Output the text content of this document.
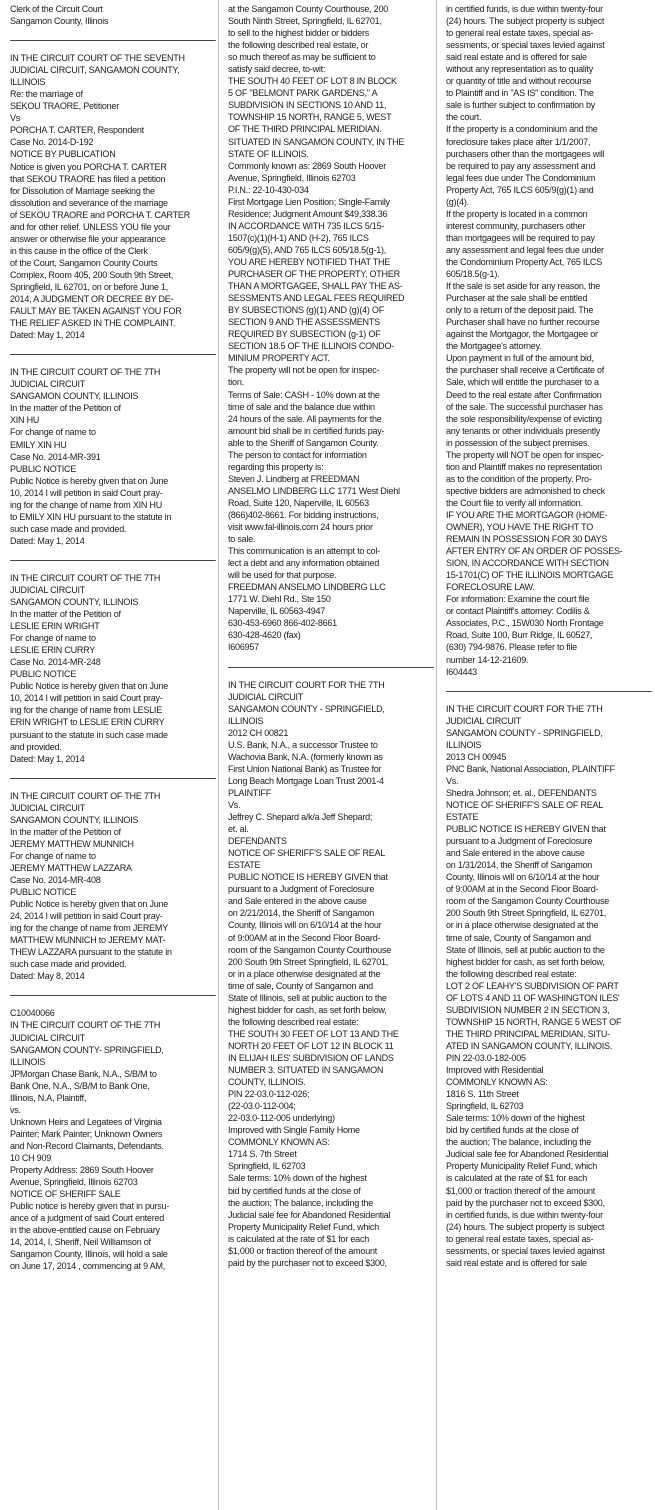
Clerk of the Circuit Court
Sangamon County, Illinois
IN THE CIRCUIT COURT OF THE SEVENTH
JUDICIAL CIRCUIT, SANGAMON COUNTY,
ILLINOIS
Re: the marriage of
SEKOU TRAORE, Petitioner
Vs
PORCHA T. CARTER, Respondent
Case No. 2014-D-192
NOTICE BY PUBLICATION
Notice is given you PORCHA T. CARTER
that SEKOU TRAORE has filed a petition
for Dissolution of Marriage seeking the
dissolution and severance of the marriage
of SEKOU TRAORE and PORCHA T. CARTER
and for other relief. UNLESS YOU file your
answer or otherwise file your appearance
in this cause in the office of the Clerk
of the Court, Sangamon County Courts
Complex, Room 405, 200 South 9th Street,
Springfield, IL 62701, on or before June 1,
2014, A JUDGMENT OR DECREE BY DE-
FAULT MAY BE TAKEN AGAINST YOU FOR
THE RELIEF ASKED IN THE COMPLAINT.
Dated: May 1, 2014
IN THE CIRCUIT COURT OF THE 7TH
JUDICIAL CIRCUIT
SANGAMON COUNTY, ILLINOIS
In the matter of the Petition of
XIN HU
For change of name to
EMILY XIN HU
Case No. 2014-MR-391
PUBLIC NOTICE
Public Notice is hereby given that on June
10, 2014 I will petition in said Court pray-
ing for the change of name from XIN HU
to EMILY XIN HU pursuant to the statute in
such case made and provided.
Dated: May 1, 2014
IN THE CIRCUIT COURT OF THE 7TH
JUDICIAL CIRCUIT
SANGAMON COUNTY, ILLINOIS
In the matter of the Petition of
LESLIE ERIN WRIGHT
For change of name to
LESLIE ERIN CURRY
Case No. 2014-MR-248
PUBLIC NOTICE
Public Notice is hereby given that on June
10, 2014 I will petition in said Court pray-
ing for the change of name from LESLIE
ERIN WRIGHT to LESLIE ERIN CURRY
pursuant to the statute in such case made
and provided.
Dated: May 1, 2014
IN THE CIRCUIT COURT OF THE 7TH
JUDICIAL CIRCUIT
SANGAMON COUNTY, ILLINOIS
In the matter of the Petition of
JEREMY MATTHEW MUNNICH
For change of name to
JEREMY MATTHEW LAZZARA
Case No. 2014-MR-408
PUBLIC NOTICE
Public Notice is hereby given that on June
24, 2014 I will petition in said Court pray-
ing for the change of name from JEREMY
MATTHEW MUNNICH to JEREMY MAT-
THEW LAZZARA pursuant to the statute in
such case made and provided.
Dated: May 8, 2014
C10040066
IN THE CIRCUIT COURT OF THE 7TH
JUDICIAL CIRCUIT
SANGAMON COUNTY- SPRINGFIELD,
ILLINOIS
JPMorgan Chase Bank, N.A., S/B/M to
Bank One, N.A., S/B/M to Bank One,
Illinois, N.A, Plaintiff,
vs.
Unknown Heirs and Legatees of Virginia
Painter; Mark Painter; Unknown Owners
and Non-Record Claimants, Defendants.
10 CH 909
Property Address: 2869 South Hoover
Avenue, Springfield, Illinois 62703
NOTICE OF SHERIFF SALE
Public notice is hereby given that in pursu-
ance of a judgment of said Court entered
in the above-entitled cause on February
14, 2014, I, Sheriff, Neil Williamson of
Sangamon County, Illinois, will hold a sale
on June 17, 2014 , commencing at 9 AM,
at the Sangamon County Courthouse, 200
South Ninth Street, Springfield, IL 62701,
to sell to the highest bidder or bidders
the following described real estate, or
so much thereof as may be sufficient to
satisfy said decree, to-wit:
THE SOUTH 40 FEET OF LOT 8 IN BLOCK
5 OF "BELMONT PARK GARDENS," A
SUBDIVISION IN SECTIONS 10 AND 11,
TOWNSHIP 15 NORTH, RANGE 5, WEST
OF THE THIRD PRINCIPAL MERIDIAN.
SITUATED IN SANGAMON COUNTY, IN THE
STATE OF ILLINOIS.
Commonly known as: 2869 South Hoover
Avenue, Springfield, Illinois 62703
P.I.N.: 22-10-430-034
First Mortgage Lien Position; Single-Family
Residence; Judgment Amount $49,338.36
IN ACCORDANCE WITH 735 ILCS 5/15-
1507(c)(1)(H-1) AND (H-2), 765 ILCS
605/9(g)(5), AND 765 ILCS 605/18.5(g-1),
YOU ARE HEREBY NOTIFIED THAT THE
PURCHASER OF THE PROPERTY, OTHER
THAN A MORTGAGEE, SHALL PAY THE AS-
SESSMENTS AND LEGAL FEES REQUIRED
BY SUBSECTIONS (g)(1) AND (g)(4) OF
SECTION 9 AND THE ASSESSMENTS
REQUIRED BY SUBSECTION (g-1) OF
SECTION 18.5 OF THE ILLINOIS CONDO-
MINIUM PROPERTY ACT.
The property will not be open for inspec-
tion.
Terms of Sale: CASH - 10% down at the
time of sale and the balance due within
24 hours of the sale. All payments for the
amount bid shall be in certified funds pay-
able to the Sheriff of Sangamon County.
The person to contact for information
regarding this property is:
Steven J. Lindberg at FREEDMAN
ANSELMO LINDBERG LLC 1771 West Diehl
Road, Suite 120, Naperville, IL 60563
(866)402-8661. For bidding instructions,
visit www.fal-illinois.com 24 hours prior
to sale.
This communication is an attempt to col-
lect a debt and any information obtained
will be used for that purpose.
FREEDMAN ANSELMO LINDBERG LLC
1771 W. Diehl Rd., Ste 150
Naperville, IL 60563-4947
630-453-6960 866-402-8661
630-428-4620 (fax)
I606957
IN THE CIRCUIT COURT FOR THE 7TH
JUDICIAL CIRCUIT
SANGAMON COUNTY - SPRINGFIELD,
ILLINOIS
2012 CH 00821
U.S. Bank, N.A., a successor Trustee to
Wachovia Bank, N.A. (formerly known as
First Union National Bank) as Trustee for
Long Beach Mortgage Loan Trust 2001-4
PLAINTIFF
Vs.
Jeffrey C. Shepard a/k/a Jeff Shepard;
et. al.
DEFENDANTS
NOTICE OF SHERIFF'S SALE OF REAL
ESTATE
PUBLIC NOTICE IS HEREBY GIVEN that
pursuant to a Judgment of Foreclosure
and Sale entered in the above cause
on 2/21/2014, the Sheriff of Sangamon
County, Illinois will on 6/10/14 at the hour
of 9:00AM at in the Second Floor Board-
room of the Sangamon County Courthouse
200 South 9th Street Springfield, IL 62701,
or in a place otherwise designated at the
time of sale, County of Sangamon and
State of Illinois, sell at public auction to the
highest bidder for cash, as set forth below,
the following described real estate:
THE SOUTH 30 FEET OF LOT 13 AND THE
NORTH 20 FEET OF LOT 12 IN BLOCK 11
IN ELIJAH ILES' SUBDIVISION OF LANDS
NUMBER 3. SITUATED IN SANGAMON
COUNTY, ILLINOIS.
PIN 22-03.0-112-026;
(22-03.0-112-004;
22-03.0-112-005 underlying)
Improved with Single Family Home
COMMONLY KNOWN AS:
1714 S. 7th Street
Springfield, IL 62703
Sale terms: 10% down of the highest
bid by certified funds at the close of
the auction; The balance, including the
Judicial sale fee for Abandoned Residential
Property Municipality Relief Fund, which
is calculated at the rate of $1 for each
$1,000 or fraction thereof of the amount
paid by the purchaser not to exceed $300,
in certified funds, is due within twenty-four
(24) hours. The subject property is subject
to general real estate taxes, special as-
sessments, or special taxes levied against
said real estate and is offered for sale
without any representation as to quality
or quantity of title and without recourse
to Plaintiff and in "AS IS" condition. The
sale is further subject to confirmation by
the court.
If the property is a condominium and the
foreclosure takes place after 1/1/2007,
purchasers other than the mortgagees will
be required to pay any assessment and
legal fees due under The Condominium
Property Act, 765 ILCS 605/9(g)(1) and
(g)(4).
If the property is located in a common
interest community, purchasers other
than mortgagees will be required to pay
any assessment and legal fees due under
the Condominium Property Act, 765 ILCS
605/18.5(g-1).
If the sale is set aside for any reason, the
Purchaser at the sale shall be entitled
only to a return of the deposit paid. The
Purchaser shall have no further recourse
against the Mortgagor, the Mortgagee or
the Mortgagee's attorney.
Upon payment in full of the amount bid,
the purchaser shall receive a Certificate of
Sale, which will entitle the purchaser to a
Deed to the real estate after Confirmation
of the sale. The successful purchaser has
the sole responsibility/expense of evicting
any tenants or other individuals presently
in possession of the subject premises.
The property will NOT be open for inspec-
tion and Plaintiff makes no representation
as to the condition of the property. Pro-
spective bidders are admonished to check
the Court file to verify all information.
IF YOU ARE THE MORTGAGOR (HOME-
OWNER), YOU HAVE THE RIGHT TO
REMAIN IN POSSESSION FOR 30 DAYS
AFTER ENTRY OF AN ORDER OF POSSES-
SION, IN ACCORDANCE WITH SECTION
15-1701(C) OF THE ILLINOIS MORTGAGE
FORECLOSURE LAW.
For information: Examine the court file
or contact Plaintiff's attorney: Codilis &
Associates, P.C., 15W030 North Frontage
Road, Suite 100, Burr Ridge, IL 60527,
(630) 794-9876. Please refer to file
number 14-12-21609.
I604443
IN THE CIRCUIT COURT FOR THE 7TH
JUDICIAL CIRCUIT
SANGAMON COUNTY - SPRINGFIELD,
ILLINOIS
2013 CH 00945
PNC Bank, National Association, PLAINTIFF
Vs.
Shedra Johnson; et. al., DEFENDANTS
NOTICE OF SHERIFF'S SALE OF REAL
ESTATE
PUBLIC NOTICE IS HEREBY GIVEN that
pursuant to a Judgment of Foreclosure
and Sale entered in the above cause
on 1/31/2014, the Sheriff of Sangamon
County, Illinois will on 6/10/14 at the hour
of 9:00AM at in the Second Floor Board-
room of the Sangamon County Courthouse
200 South 9th Street Springfield, IL 62701,
or in a place otherwise designated at the
time of sale, County of Sangamon and
State of Illinois, sell at public auction to the
highest bidder for cash, as set forth below,
the following described real estate:
LOT 2 OF LEAHY'S SUBDIVISION OF PART
OF LOTS 4 AND 11 OF WASHINGTON ILES'
SUBDIVISION NUMBER 2 IN SECTION 3,
TOWNSHIP 15 NORTH, RANGE 5 WEST OF
THE THIRD PRINCIPAL MERIDIAN, SITU-
ATED IN SANGAMON COUNTY, ILLINOIS.
PIN 22-03.0-182-005
Improved with Residential
COMMONLY KNOWN AS:
1816 S. 11th Street
Springfield, IL 62703
Sale terms: 10% down of the highest
bid by certified funds at the close of
the auction; The balance, including the
Judicial sale fee for Abandoned Residential
Property Municipality Relief Fund, which
is calculated at the rate of $1 for each
$1,000 or fraction thereof of the amount
paid by the purchaser not to exceed $300,
in certified funds, is due within twenty-four
(24) hours. The subject property is subject
to general real estate taxes, special as-
sessments, or special taxes levied against
said real estate and is offered for sale
